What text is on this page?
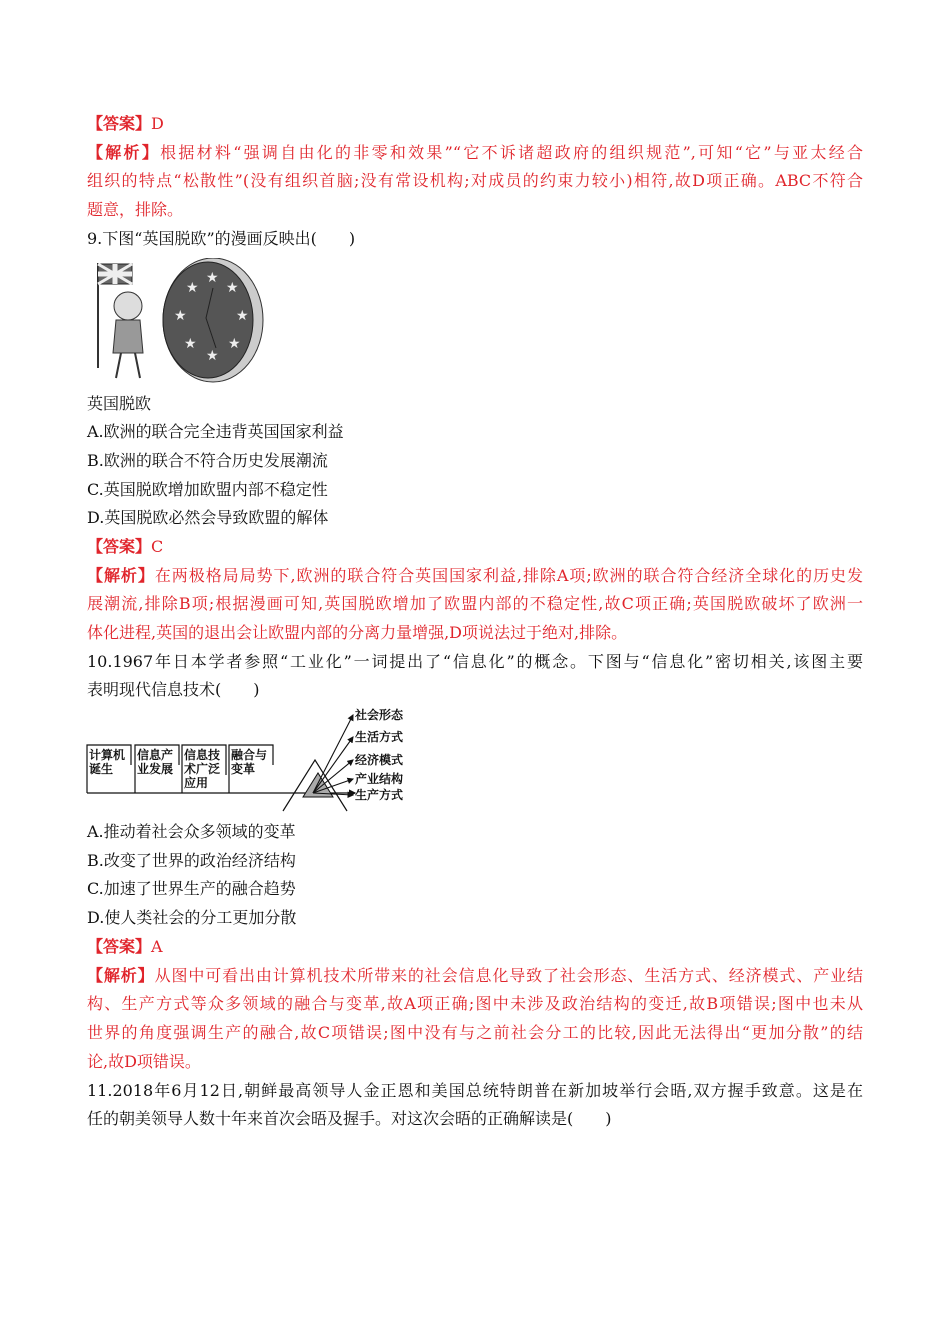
【答案】D
【解析】根据材料“强调自由化的非零和效果”“它不诉诸超政府的组织规范”,可知“它”与亚太经合
组织的特点“松散性”(没有组织首脑;没有常设机构;对成员的约束力较小)相符,故D项正确。ABC不符合
题意，排除。
9.下图“英国脱欧”的漫画反映出(　　)
★
★
★
★
★
★
★
★
英国脱欧
A.欧洲的联合完全违背英国国家利益
B.欧洲的联合不符合历史发展潮流
C.英国脱欧增加欧盟内部不稳定性
D.英国脱欧必然会导致欧盟的解体
【答案】C
【解析】在两极格局局势下,欧洲的联合符合英国国家利益,排除A项;欧洲的联合符合经济全球化的历史发
展潮流,排除B项;根据漫画可知,英国脱欧增加了欧盟内部的不稳定性,故C项正确;英国脱欧破坏了欧洲一
体化进程,英国的退出会让欧盟内部的分离力量增强,D项说法过于绝对,排除。
10.1967年日本学者参照“工业化”一词提出了“信息化”的概念。下图与“信息化”密切相关,该图主要
表明现代信息技术(　　)
计算机
诞生
信息产
业发展
信息技
术广泛
应用
融合与
变革
社会形态
生活方式
经济模式
产业结构
生产方式
A.推动着社会众多领域的变革
B.改变了世界的政治经济结构
C.加速了世界生产的融合趋势
D.使人类社会的分工更加分散
【答案】A
【解析】从图中可看出由计算机技术所带来的社会信息化导致了社会形态、生活方式、经济模式、产业结
构、生产方式等众多领域的融合与变革,故A项正确;图中未涉及政治结构的变迁,故B项错误;图中也未从
世界的角度强调生产的融合,故C项错误;图中没有与之前社会分工的比较,因此无法得出“更加分散”的结
论,故D项错误。
11.2018年6月12日,朝鲜最高领导人金正恩和美国总统特朗普在新加坡举行会晤,双方握手致意。这是在
任的朝美领导人数十年来首次会晤及握手。对这次会晤的正确解读是(　　)
